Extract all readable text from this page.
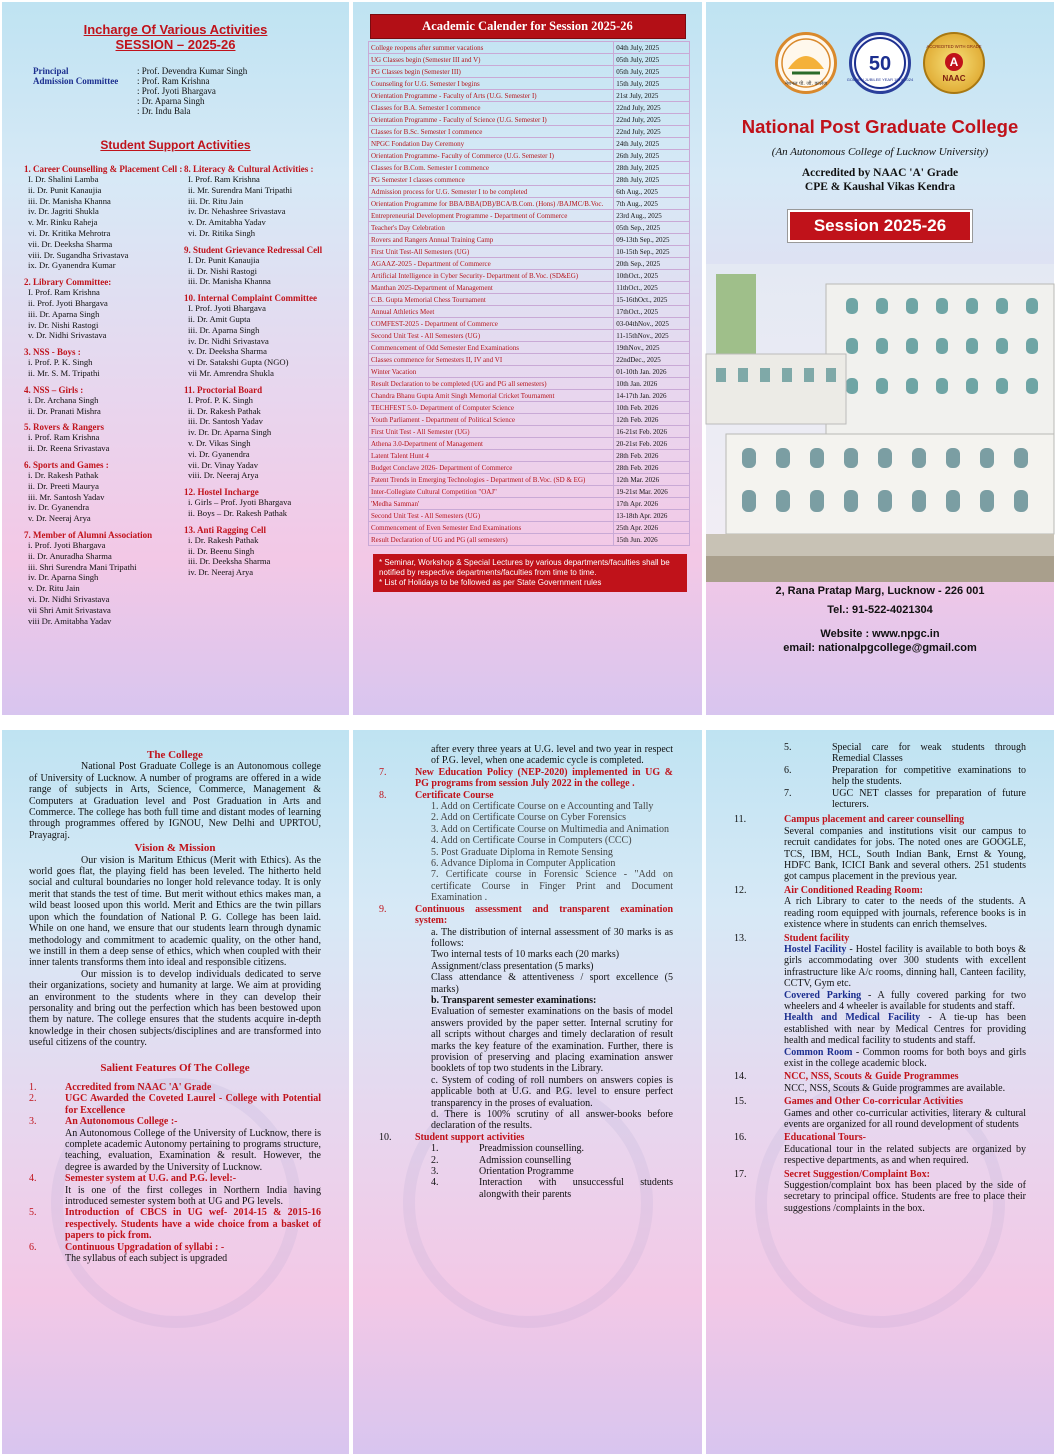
Incharge Of Various Activities
SESSION – 2025-26
Principal	: Prof. Devendra Kumar Singh
Admission Committee	: Prof. Ram Krishna
: Prof. Jyoti Bhargava
: Dr. Aparna Singh
: Dr. Indu Bala
Student Support Activities
1. Career Counselling & Placement Cell :
I. Dr. Shalini Lamba
ii. Dr. Punit Kanaujia
iii. Dr. Manisha Khanna
iv. Dr. Jagriti Shukla
v. Mr. Rinku Raheja
vi. Dr. Kritika Mehrotra
vii. Dr. Deeksha Sharma
viii. Dr. Sugandha Srivastava
ix. Dr. Gyanendra Kumar
2. Library Committee:
I. Prof. Ram Krishna
ii. Prof. Jyoti Bhargava
iii. Dr. Aparna Singh
iv. Dr. Nishi Rastogi
v. Dr. Nidhi Srivastava
3. NSS - Boys :
i. Prof. P. K. Singh
ii. Mr. S. M. Tripathi
4. NSS – Girls :
i. Dr. Archana Singh
ii. Dr. Pranati Mishra
5. Rovers & Rangers
i. Prof. Ram Krishna
ii. Dr. Reena Srivastava
6. Sports and Games :
i. Dr. Rakesh Pathak
ii. Dr. Preeti Maurya
iii. Mr. Santosh Yadav
iv. Dr. Gyanendra
v. Dr. Neeraj Arya
7. Member of Alumni Association
i. Prof. Jyoti Bhargava
ii. Dr. Anuradha Sharma
iii. Shri Surendra Mani Tripathi
iv. Dr. Aparna Singh
v. Dr. Ritu Jain
vi. Dr. Nidhi Srivastava
vii Shri Amit Srivastava
viii Dr. Amitabha Yadav
8. Literacy & Cultural Activities :
I. Prof. Ram Krishna
ii. Mr. Surendra Mani Tripathi
iii. Dr. Ritu Jain
iv. Dr. Nehashree Srivastava
v. Dr. Amitabha Yadav
vi. Dr. Ritika Singh
9. Student Grievance Redressal Cell
I. Dr. Punit Kanaujia
ii. Dr. Nishi Rastogi
iii. Dr. Manisha Khanna
10. Internal Complaint Committee
I. Prof. Jyoti Bhargava
ii. Dr. Amit Gupta
iii. Dr. Aparna Singh
iv. Dr. Nidhi Srivastava
v. Dr. Deeksha Sharma
vi Dr. Satakshi Gupta (NGO)
vii Mr. Amrendra Shukla
11. Proctorial Board
I. Prof. P. K. Singh
ii. Dr. Rakesh Pathak
iii. Dr. Santosh Yadav
iv. Dr. Dr. Aparna Singh
v. Dr. Vikas Singh
vi. Dr. Gyanendra
vii. Dr. Vinay Yadav
viii. Dr. Neeraj Arya
12. Hostel Incharge
i. Girls – Prof. Jyoti Bhargava
ii. Boys – Dr. Rakesh Pathak
13. Anti Ragging Cell
i. Dr. Rakesh Pathak
ii. Dr. Beenu Singh
iii. Dr. Deeksha Sharma
iv. Dr. Neeraj Arya
Academic Calender for Session 2025-26
College reopens after summer vacations	04th July, 2025
UG Classes begin (Semester III and V)	05th July, 2025
PG Classes begin (Semester III)	05th July, 2025
Counseling for U.G. Semester I begins	15th July, 2025
Orientation Programme - Faculty of Arts (U.G. Semester I)	21st July, 2025
Classes for B.A. Semester I commence	22nd July, 2025
Orientation Programme - Faculty of Science (U.G. Semester I)	22nd July, 2025
Classes for B.Sc. Semester I commence	22nd July, 2025
NPGC Fondation Day Ceremony	24th July, 2025
Orientation Programme- Faculty of Commerce (U.G. Semester I)	26th July, 2025
Classes for B.Com. Semester I commence	28th July, 2025
PG Semester I classes commence	28th July, 2025
Admission process for U.G. Semester I to be completed	6th Aug., 2025
Orientation Programme for BBA/BBA(DB)/BCA/B.Com. (Hons) /BAJMC/B.Voc.	7th Aug., 2025
Entrepreneurial Development Programme - Department of Commerce	23rd Aug., 2025
Teacher's Day Celebration	05th Sep., 2025
Rovers and Rangers Annual Training Camp	09-13th Sep., 2025
First Unit Test-All Semesters (UG)	10-15th Sep., 2025
AGAAZ-2025 - Department of Commerce	20th Sep., 2025
Artificial Intelligence in Cyber Security- Department of B.Voc. (SD&EG)	10thOct., 2025
Manthan 2025-Department of Management	11thOct., 2025
C.B. Gupta Memorial Chess Tournament	15-16thOct., 2025
Annual Athletics Meet	17thOct., 2025
COMFEST-2025 - Department of Commerce	03-04thNov., 2025
Second Unit Test - All Semesters (UG)	11-15thNov., 2025
Commencement of Odd Semester End Examinations	19thNov., 2025
Classes commence for Semesters II, IV and VI	22ndDec., 2025
Winter Vacation	01-10th Jan. 2026
Result Declaration to be completed (UG and PG all semesters)	10th Jan. 2026
Chandra Bhanu Gupta Amit Singh Memorial Cricket Tournament	14-17th Jan. 2026
TECHFEST 5.0- Department of Computer Science	10th Feb. 2026
Youth Parliament - Department of Political Science	12th Feb. 2026
First Unit Test - All Semester (UG)	16-21st Feb. 2026
Athena 3.0-Department of Management	20-21st Feb. 2026
Latent Talent Hunt 4	28th Feb. 2026
Budget Conclave 2026- Department of Commerce	28th Feb. 2026
Patent Trends in Emerging Technologies - Department of B.Voc. (SD & EG)	12th Mar. 2026
Inter-Collegiate Cultural Competition "OAJ"	19-21st Mar. 2026
'Medha Samman'	17th Apr. 2026
Second Unit Test - All Semesters (UG)	13-18th Apr. 2026
Commencement of Even Semester End Examinations	25th Apr. 2026
Result Declaration of UG and PG (all semesters)	15th Jun. 2026
* Seminar, Workshop & Special Lectures by various departments/faculties shall be notified by respective departments/faculties from time to time.
* List of Holidays to be followed as per State Government rules
नेशनल पी. जी. कालेज
50
GOLDEN JUBILEE YEAR 1974-2024
ACCREDITED WITH GRADE
A
NAAC
National Post Graduate College
(An Autonomous College of Lucknow University)
Accredited by NAAC 'A' Grade
CPE & Kaushal Vikas Kendra
Session 2025-26
2, Rana Pratap Marg, Lucknow - 226 001
Tel.: 91-522-4021304
Website : www.npgc.in
email: nationalpgcollege@gmail.com
The College

National Post Graduate College is an Autonomous college of University of Lucknow. A number of programs are offered in a wide range of subjects in Arts, Science, Commerce, Management & Computers at Graduation level and Post Graduation in Arts and Commerce. The college has both full time and distant modes of learning through programmes offered by IGNOU, New Delhi and UPRTOU, Prayagraj.

Vision & Mission

Our vision is Maritum Ethicus (Merit with Ethics). As the world goes flat, the playing field has been leveled. The hitherto held social and cultural boundaries no longer hold relevance today. It is only merit that stands the test of time. But merit without ethics makes man, a wild beast loosed upon this world. Merit and Ethics are the twin pillars upon which the foundation of National P. G. College has been laid. While on one hand, we ensure that our students learn through dynamic methodology and commitment to academic quality, on the other hand, we instill in them a deep sense of ethics, which when coupled with their inner talents transforms them into ideal and responsible citizens.

Our mission is to develop individuals dedicated to serve their organizations, society and humanity at large. We aim at providing an environment to the students where in they can develop their personality and bring out the perfection which has been bestowed upon them by nature. The college ensures that the students acquire in-depth knowledge in their chosen subjects/disciplines and are transformed into useful citizens of the country.

Salient Features Of The College
1.	Accredited from NAAC 'A' Grade
2.	UGC Awarded the Coveted Laurel - College with Potential for Excellence
3.	An Autonomous College :-
An Autonomous College of the University of Lucknow, there is complete academic Autonomy pertaining to programs structure, teaching, evaluation, Examination & result. However, the degree is awarded by the University of Lucknow.
4.	Semester system at U.G. and P.G. level:-
It is one of the first colleges in Northern India having introduced semester system both at UG and PG levels.
5.	Introduction of CBCS in UG wef- 2014-15 & 2015-16 respectively. Students have a wide choice from a basket of papers to pick from.
6.	Continuous Upgradation of syllabi : -
The syllabus of each subject is upgraded

after every three years at U.G. level and two year in respect of P.G. level, when one academic cycle is completed.

7.	New Education Policy (NEP-2020) implemented in UG & PG programs from session July 2022 in the college .
8.	Certificate Course
1. Add on Certificate Course on e Accounting and Tally
2. Add on Certificate Course on Cyber Forensics
3. Add on Certificate Course on Multimedia and Animation
4. Add on Certificate Course in Computers (CCC)
5. Post Graduate Diploma in Remote Sensing
6. Advance Diploma in Computer Application
7. Certificate course in Forensic Science - "Add on certificate Course in Finger Print and Document Examination .
9.	Continuous assessment and transparent examination system:

a. The distribution of internal assessment of 30 marks is as follows:

Two internal tests of 10 marks each (20 marks)

Assignment/class presentation (5 marks)

Class attendance & attentiveness / sport excellence (5 marks)

b. Transparent semester examinations:

Evaluation of semester examinations on the basis of model answers provided by the paper setter. Internal scrutiny for all scripts without charges and timely declaration of result marks the key feature of the examination. Further, there is provision of preserving and placing examination answer booklets of top two students in the Library.

c. System of coding of roll numbers on answers copies is applicable both at U.G. and P.G. level to ensure perfect transparency in the proses of evaluation.

d. There is 100% scrutiny of all answer-books before declaration of the results.

10.	Student support activities
1.	Preadmission counselling.
2.	Admission counselling
3.	Orientation Programme
4.	Interaction with unsuccessful students alongwith their parents
5.	Special care for weak students through Remedial Classes
6.	Preparation for competitive examinations to help the students.
7.	UGC NET classes for preparation of future lecturers.
11.	Campus placement and career counselling
Several companies and institutions visit our campus to recruit candidates for jobs. The noted ones are GOOGLE, TCS, IBM, HCL, South Indian Bank, Ernst & Young, HDFC Bank, ICICI Bank and several others. 251 students got campus placement in the previous year.
12.	Air Conditioned Reading Room:
A rich Library to cater to the needs of the students. A reading room equipped with journals, reference books is in existence where in students can enrich themselves.
13.	Student facility
Hostel Facility - Hostel facility is available to both boys & girls accommodating over 300 students with excellent infrastructure like A/c rooms, dinning hall, Canteen facility, CCTV, Gym etc.
Covered Parking - A fully covered parking for two wheelers and 4 wheeler is available for students and staff.
Health and Medical Facility - A tie-up has been established with near by Medical Centres for providing health and medical facility to students and staff.
Common Room - Common rooms for both boys and girls exist in the college academic block.
14.	NCC, NSS, Scouts & Guide Programmes
NCC, NSS, Scouts & Guide programmes are available.
15.	Games and Other Co-corricular Activities
Games and other co-curricular activities, literary & cultural events are organized for all round development of students
16.	Educational Tours-
Educational tour in the related subjects are organized by respective departments, as and when required.
17.	Secret Suggestion/Complaint Box:
Suggestion/complaint box has been placed by the side of secretary to principal office. Students are free to place their suggestions /complaints in the box.
